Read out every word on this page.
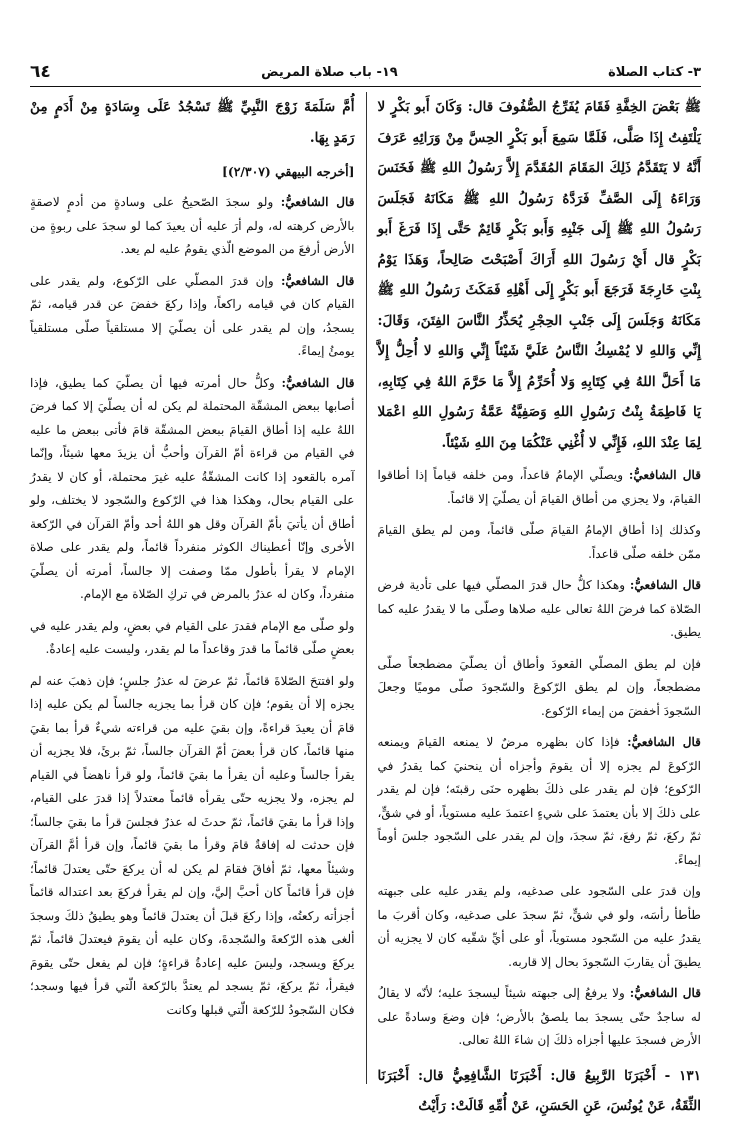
٣- كتاب الصلاة
١٩- باب صلاة المريض
٦٤

ﷺ بَعْضَ الخِفَّةِ فَقَامَ يُفَرِّجُ الصُّفُوفَ قال: وَكَانَ أَبو بَكْرٍ لا يَلْتَفِتُ إِذَا صَلَّى، فَلَمَّا سَمِعَ أَبو بَكْرٍ الحِسَّ مِنْ وَرَائِهِ عَرَفَ أَنَّهُ لا يَتَقَدَّمُ ذَلِكَ المَقَامَ المُقَدَّمَ إِلاَّ رَسُولُ اللهِ ﷺ فَخَنَسَ وَرَاءَهُ إِلَى الصَّفِّ فَرَدَّهُ رَسُولُ اللهِ ﷺ مَكَانَهُ فَجَلَسَ رَسُولُ اللهِ ﷺ إِلَى جَنْبِهِ وَأَبو بَكْرٍ قَائِمٌ حَتَّى إِذَا فَرَغَ أَبو بَكْرٍ قال أَيْ رَسُولَ اللهِ أَرَاكَ أَصْبَحْتَ صَالِحاً، وَهَذَا يَوْمُ بِنْتِ خَارِجَةَ فَرَجَعَ أَبو بَكْرٍ إِلَى أَهْلِهِ فَمَكَثَ رَسُولُ اللهِ ﷺ مَكَانَهُ وَجَلَسَ إِلَى جَنْبِ الحِجْرِ يُحَذِّرُ النَّاسَ الفِتَنَ، وَقَالَ: إِنِّي وَاللهِ لا يُمْسِكُ النَّاسُ عَلَيَّ شَيْئاً إِنِّي وَاللهِ لا أُحِلُّ إِلاَّ مَا أَحَلَّ اللهُ فِي كِتَابِهِ وَلا أُحَرِّمُ إِلاَّ مَا حَرَّمَ اللهُ فِي كِتَابِهِ، يَا فَاطِمَةُ بِنْتُ رَسُولِ اللهِ وَصَفِيَّةُ عَمَّةُ رَسُولِ اللهِ اعْمَلا لِمَا عِنْدَ اللهِ، فَإِنِّي لا أُغْنِي عَنْكُمَا مِنَ اللهِ شَيْئاً.

قال الشافعيُّ: ويصلّي الإمامُ قاعداً، ومن خلفه قياماً إذا أطاقوا القيامَ، ولا يجزي من أطاق القيامَ أن يصلّيَ إلا قائماً.

وكذلك إذا أطاق الإمامُ القيامَ صلّى قائماً، ومن لم يطق القيامَ ممّن خلفه صلّى قاعداً.

قال الشافعيُّ: وهكذا كلُّ حال قدرَ المصلّي فيها على تأدية فرض الصّلاة كما فرضَ اللهُ تعالى عليه صلاها وصلّى ما لا يقدرُ عليه كما يطيق.

فإن لم يطق المصلّي القعودَ وأطاق أن يصلّيَ مضطجعاً صلّى مضطجعاً، وإن لم يطق الرّكوعَ والسّجودَ صلّى موميًا وجعلَ السّجودَ أخفضَ من إيماء الرّكوع.

قال الشافعيُّ: فإذا كان بظهره مرضٌ لا يمنعه القيامَ ويمنعه الرّكوعَ لم يجزه إلا أن يقومَ وأجزاه أن ينحنيَ كما يقدرُ في الرّكوع؛ فإن لم يقدر على ذلكَ بظهره حنَى رقبتَه؛ فإن لم يقدر على ذلكَ إلا بأن يعتمدَ على شيءٍ اعتمدَ عليه مستوياً، أو في شقٍّ، ثمّ ركعَ، ثمّ رفعَ، ثمّ سجدَ، وإن لم يقدر على السّجود جلسَ أوماً إيماءً.

وإن قدرَ على السّجود على صدغيه، ولم يقدر عليه على جبهته طأطأ رأسَه، ولو في شقٍّ، ثمّ سجدَ على صدغيه، وكان أقربَ ما يقدرُ عليه من السّجود مستوياً، أو على أيِّ شقّيه كان لا يجزيه أن يطيقَ أن يقاربَ السّجودَ بحال إلا قاربه.

قال الشافعيُّ: ولا يرفعُ إلى جبهته شيئاً ليسجدَ عليه؛ لأنّه لا يقالُ له ساجدٌ حتّى يسجدَ بما يلصقُ بالأرض؛ فإن وضعَ وسادةً على الأرض فسجدَ عليها أجزاه ذلكَ إن شاءَ اللهُ تعالى.

١٣١ - أَخْبَرَنَا الرَّبِيعُ قال: أَخْبَرَنَا الشَّافِعِيُّ قال: أَخْبَرَنَا الثِّقَةُ، عَنْ يُونُسَ، عَنِ الحَسَنِ، عَنْ أُمِّهِ قَالَتْ: رَأَيْتُ

أُمَّ سَلَمَةَ زَوْجَ النَّبِيِّ ﷺ تَسْجُدُ عَلَى وِسَادَةٍ مِنْ أَدَمٍ مِنْ رَمَدٍ بِهَا.

[أخرجه البيهقي (٢/٣٠٧)]

قال الشافعيُّ: ولو سجدَ الصّحيحُ على وسادةٍ من أدمٍ لاصقةٍ بالأرض كرهته له، ولم أرَ عليه أن يعيدَ كما لو سجدَ على ربوةٍ من الأرض أرفعَ من الموضع الّذي يقومُ عليه لم يعد.

قال الشافعيُّ: وإن قدرَ المصلّي على الرّكوع، ولم يقدر على القيام كان في قيامه راكعاً، وإذا ركعَ خفضَ عن قدر قيامه، ثمّ يسجدُ، وإن لم يقدر على أن يصلّيَ إلا مستلقياً صلّى مستلقياً يومئُ إيماءً.

قال الشافعيُّ: وكلُّ حال أمرته فيها أن يصلّيَ كما يطيق، فإذا أصابها ببعض المشقّة المحتملة لم يكن له أن يصلّيَ إلا كما فرضَ اللهُ عليه إذا أطاق القيامَ ببعض المشقّة قامَ فأتى ببعض ما عليه في القيام من قراءة أمّ القرآن وأحبُّ أن يزيدَ معها شيئاً، وإنّما آمره بالقعود إذا كانت المشقّةُ عليه غيرَ محتملة، أو كان لا يقدرُ على القيام بحال، وهكذا هذا في الرّكوع والسّجود لا يختلف، ولو أطاق أن يأتيَ بأمّ القرآن وقل هو اللهُ أحد وأمّ القرآن في الرّكعة الأخرى وإنّا أعطيناك الكوثر منفرداً قائماً، ولم يقدر على صلاة الإمام لا يقرأ بأطول ممّا وصفت إلا جالساً، أمرته أن يصلّيَ منفرداً، وكان له عذرٌ بالمرض في تركِ الصّلاة مع الإمام.

ولو صلّى مع الإمام فقدرَ على القيام في بعضٍ، ولم يقدر عليه في بعضٍ صلّى قائماً ما قدرَ وقاعداً ما لم يقدر، وليست عليه إعادةٌ.

ولو افتتحَ الصّلاةَ قائماً، ثمّ عرضَ له عذرُ جلسٍ؛ فإن ذهبَ عنه لم يجزه إلا أن يقوم؛ فإن كان قرأ بما يجزيه جالساً لم يكن عليه إذا قامَ أن يعيدَ قراءةً، وإن بقيَ عليه من قراءته شيءٌ قرأ بما بقيَ منها قائماً، كان قرأ بعضَ أمّ القرآن جالساً، ثمّ برئَ، فلا يجزيه أن يقرأ جالساً وعليه أن يقرأ ما بقيَ قائماً، ولو قرأ ناهضاً في القيام لم يجزه، ولا يجزيه حتّى يقرأه قائماً معتدلاً إذا قدرَ على القيام، وإذا قرأ ما بقيَ قائماً، ثمّ حدثَ له عذرٌ فجلسَ قرأ ما بقيَ جالساً؛ فإن حدثت له إفاقةٌ قامَ وقرأ ما بقيَ قائماً، وإن قرأ أمَّ القرآن وشيئاً معها، ثمّ أفاقَ فقامَ لم يكن له أن يركعَ حتّى يعتدلَ قائماً؛ فإن قرأ قائماً كان أحبَّ إليَّ، وإن لم يقرأ فركعَ بعد اعتداله قائماً أجزأته ركعتُه، وإذا ركعَ قبلَ أن يعتدلَ قائماً وهو يطيقُ ذلكَ وسجدَ ألغى هذه الرّكعةَ والسّجدةَ، وكان عليه أن يقومَ فيعتدلَ قائماً، ثمّ يركعَ ويسجد، وليسَ عليه إعادةُ قراءةٍ؛ فإن لم يفعل حتّى يقومَ فيقرأ، ثمّ يركعَ، ثمّ يسجد لم يعتدَّ بالرّكعة الّتي قرأ فيها وسجد؛ فكان السّجودُ للرّكعة الّتي قبلها وكانت
